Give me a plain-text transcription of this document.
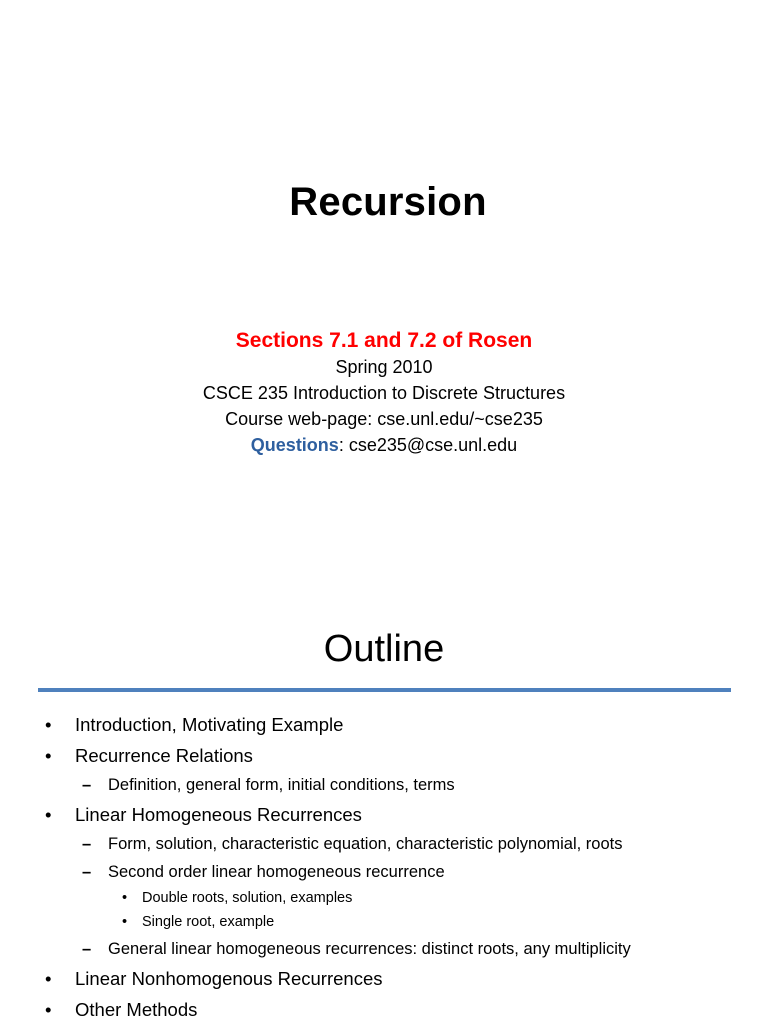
Recursion
Sections 7.1 and 7.2 of Rosen
Spring 2010
CSCE 235 Introduction to Discrete Structures
Course web-page: cse.unl.edu/~cse235
Questions: cse235@cse.unl.edu
Outline
• Introduction, Motivating Example
• Recurrence Relations
– Definition, general form, initial conditions, terms
• Linear Homogeneous Recurrences
– Form, solution, characteristic equation, characteristic polynomial, roots
– Second order linear homogeneous recurrence
• Double roots, solution, examples
• Single root, example
– General linear homogeneous recurrences: distinct roots, any multiplicity
• Linear Nonhomogenous Recurrences
• Other Methods
